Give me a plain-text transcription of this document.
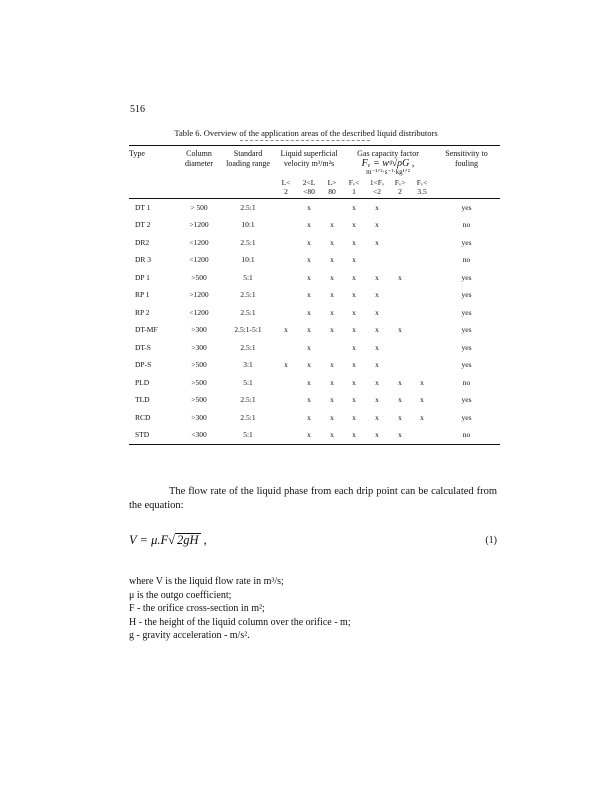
516
Table 6. Overview of the application areas of the described liquid distributors
Type	Column diameter	Standard loading range	Liquid superficial velocity m³/m²s			Gas capacity factor
Fᵥ = wᵍ√ρG ,
m⁻¹ᐟ²·s⁻¹·kg¹ᐟ²				Sensitivity to fouling
			L<	2<L	L>	Fᵥ<	1<Fᵥ	Fᵥ>	Fᵥ<	
			2	<80	80	1	<2	2	3.5	
DT 1	> 500	2.5:1		x		x	x			yes
DT 2	>1200	10:1		x	x	x	x			no
DR2	<1200	2.5:1		x	x	x	x			yes
DR 3	<1200	10:1		x	x	x				no
DP 1	>500	5:1		x	x	x	x	x		yes
RP 1	>1200	2.5:1		x	x	x	x			yes
RP 2	<1200	2.5:1		x	x	x	x			yes
DT-MF	>300	2.5:1-5:1	x	x	x	x	x	x		yes
DT-S	>300	2.5:1		x		x	x			yes
DP-S	>500	3:1	x	x	x	x	x			yes
PLD	>500	5:1		x	x	x	x	x	x	no
TLD	>500	2.5:1		x	x	x	x	x	x	yes
RCD	>300	2.5:1		x	x	x	x	x	x	yes
STD	<300	5:1		x	x	x	x	x		no
The flow rate of the liquid phase from each drip point can be calculated from the equation:
V = μ.F√ 2gH ,	(1)
where V is the liquid flow rate in m³/s;
μ is the outgo coefficient;
F - the orifice cross-section in m²;
H - the height of the liquid column over the orifice - m;
g - gravity acceleration - m/s².
